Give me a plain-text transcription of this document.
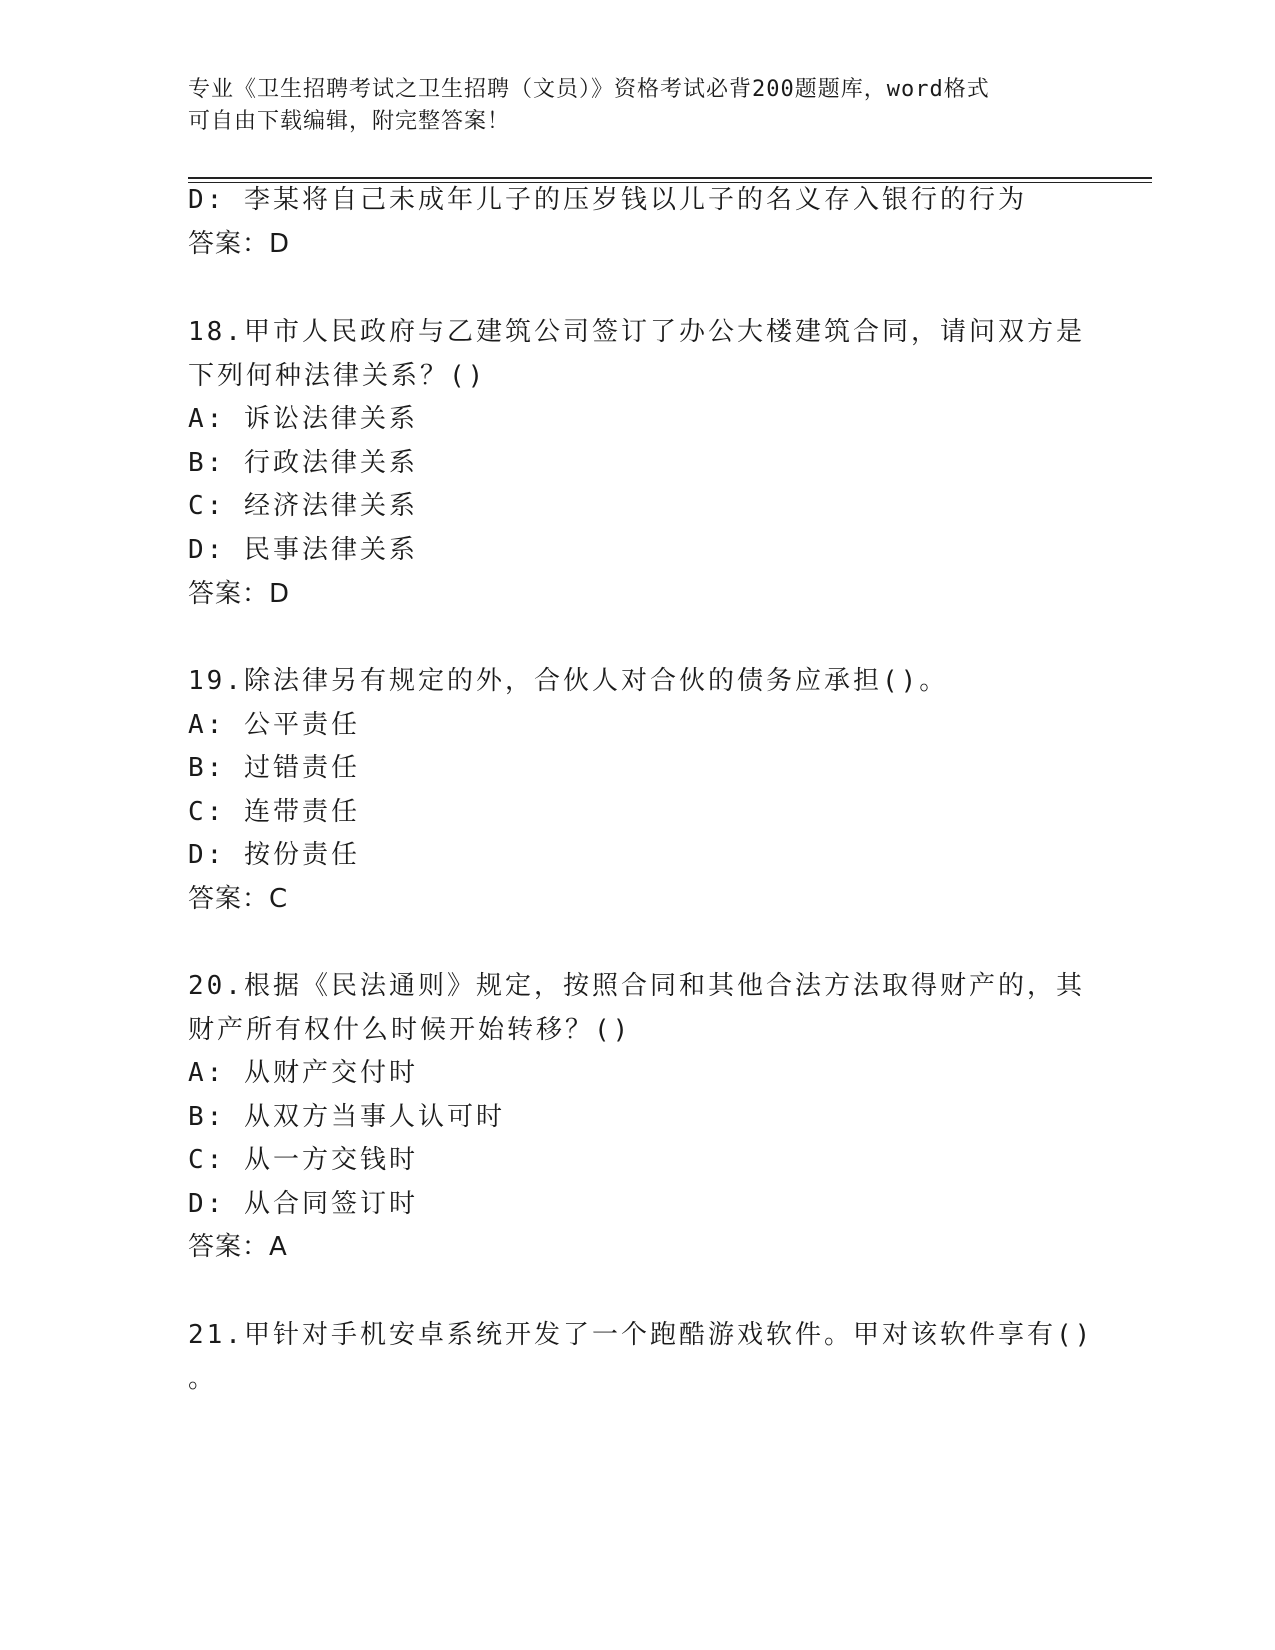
专业《卫生招聘考试之卫生招聘（文员）》资格考试必背200题题库，word格式
可自由下载编辑，附完整答案！
D: 李某将自己未成年儿子的压岁钱以儿子的名义存入银行的行为
答案：D
18.甲市人民政府与乙建筑公司签订了办公大楼建筑合同，请问双方是
下列何种法律关系？()
A: 诉讼法律关系
B: 行政法律关系
C: 经济法律关系
D: 民事法律关系
答案：D
19.除法律另有规定的外，合伙人对合伙的债务应承担()。
A: 公平责任
B: 过错责任
C: 连带责任
D: 按份责任
答案：C
20.根据《民法通则》规定，按照合同和其他合法方法取得财产的，其
财产所有权什么时候开始转移？()
A: 从财产交付时
B: 从双方当事人认可时
C: 从一方交钱时
D: 从合同签订时
答案：A
21.甲针对手机安卓系统开发了一个跑酷游戏软件。甲对该软件享有()
。
